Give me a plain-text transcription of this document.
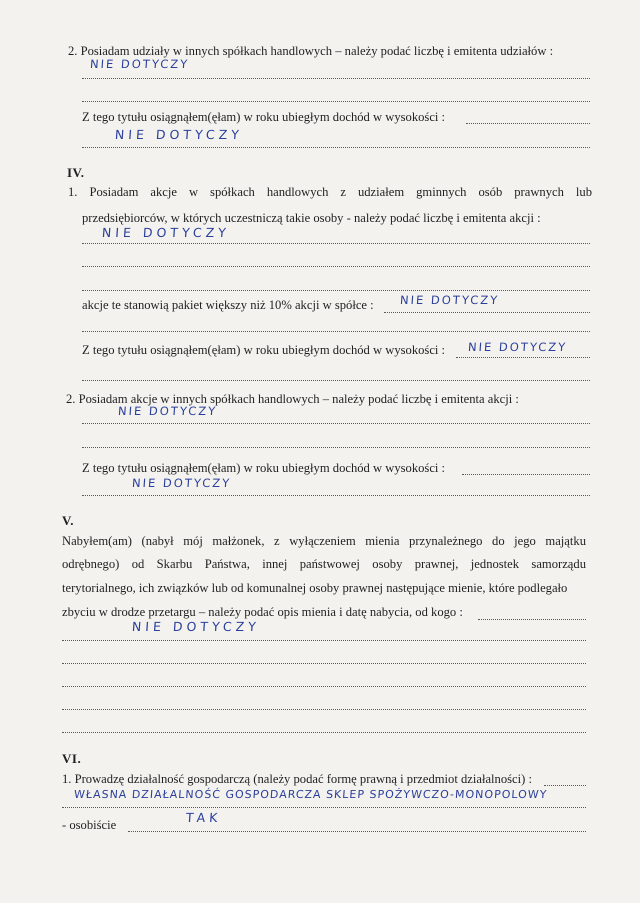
2. Posiadam udziały w innych spółkach handlowych – należy podać liczbę i emitenta udziałów :
NIE DOTYCZY
Z tego tytułu osiągnąłem(ęłam) w roku ubiegłym dochód w wysokości :
NIE DOTYCZY
IV.
1. Posiadam akcje w spółkach handlowych z udziałem gminnych osób prawnych lub
przedsiębiorców, w których uczestniczą takie osoby - należy podać liczbę i emitenta akcji :
NIE DOTYCZY
akcje te stanowią pakiet większy niż 10% akcji w spółce : NIE DOTYCZY
Z tego tytułu osiągnąłem(ęłam) w roku ubiegłym dochód w wysokości : NIE DOTYCZY
2. Posiadam akcje w innych spółkach handlowych – należy podać liczbę i emitenta akcji :
NIE DOTYCZY
Z tego tytułu osiągnąłem(ęłam) w roku ubiegłym dochód w wysokości :
NIE DOTYCZY
V.
Nabyłem(am) (nabył mój małżonek, z wyłączeniem mienia przynależnego do jego majątku
odrębnego) od Skarbu Państwa, innej państwowej osoby prawnej, jednostek samorządu
terytorialnego, ich związków lub od komunalnej osoby prawnej następujące mienie, które podlegało
zbyciu w drodze przetargu – należy podać opis mienia i datę nabycia, od kogo :
NIE DOTYCZY
VI.
1. Prowadzę działalność gospodarczą (należy podać formę prawną i przedmiot działalności) :
WŁASNA DZIAŁALNOŚĆ GOSPODARCZA SKLEP SPOŻYWCZO-MONOPOLOWY
- osobiście	TAK
